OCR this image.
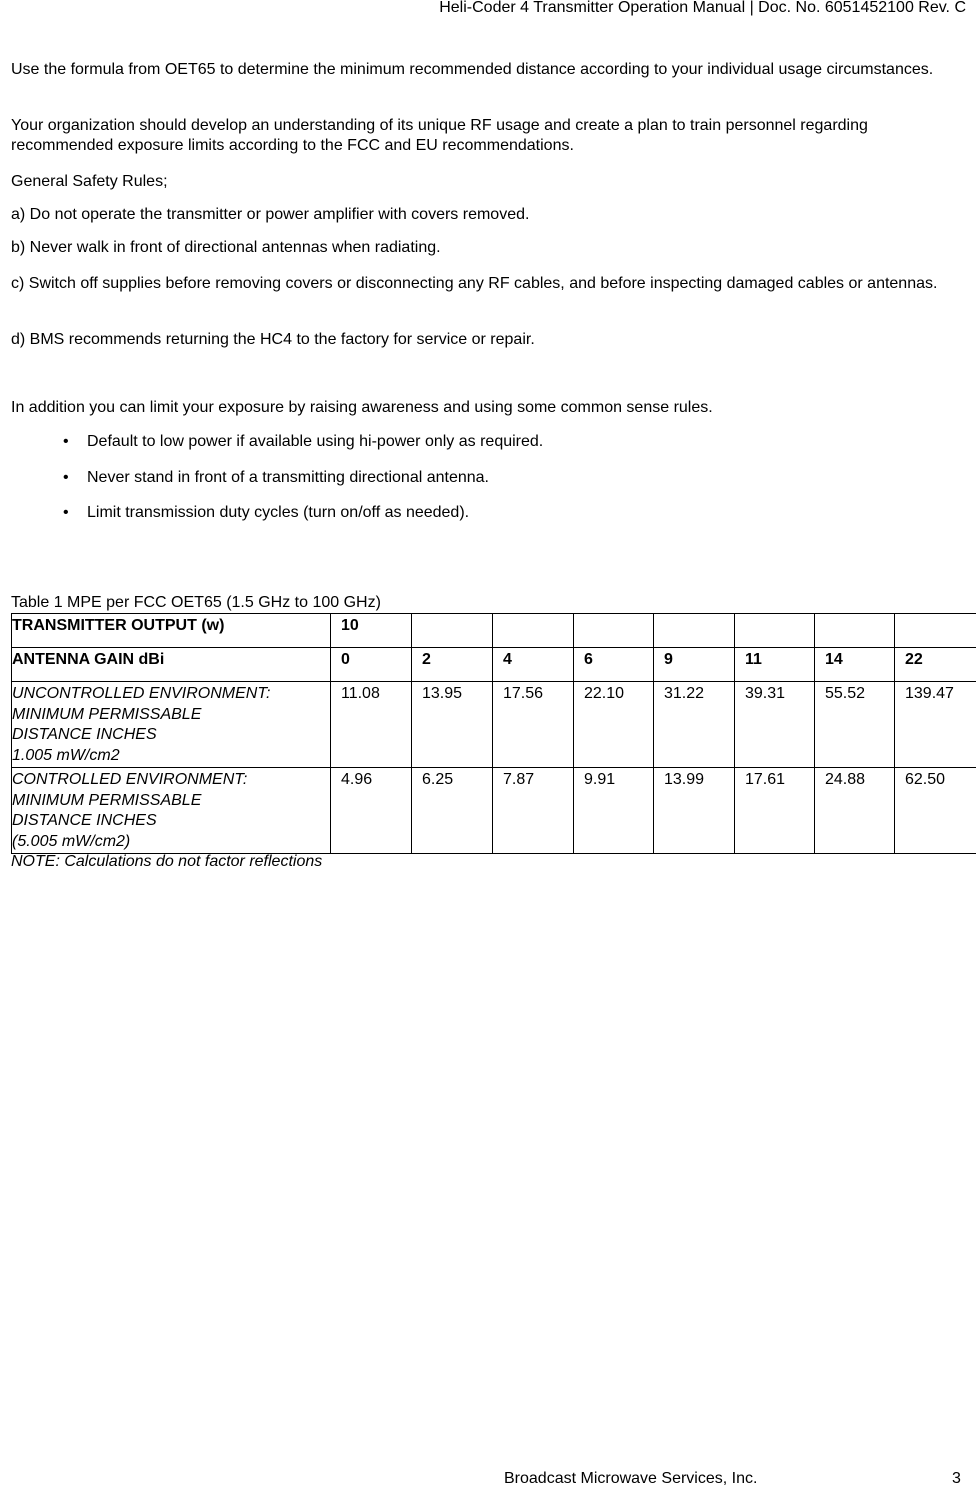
Heli-Coder 4 Transmitter Operation Manual | Doc. No. 6051452100 Rev. C

Use the formula from OET65 to determine the minimum recommended distance according to your individual usage circumstances.

Your organization should develop an understanding of its unique RF usage and create a plan to train personnel regarding recommended exposure limits according to the FCC and EU recommendations.

General Safety Rules;

a) Do not operate the transmitter or power amplifier with covers removed.

b) Never walk in front of directional antennas when radiating.

c) Switch off supplies before removing covers or disconnecting any RF cables, and before inspecting damaged cables or antennas.

d) BMS recommends returning the HC4 to the factory for service or repair.

In addition you can limit your exposure by raising awareness and using some common sense rules.

• Default to low power if available using hi-power only as required.
• Never stand in front of a transmitting directional antenna.
• Limit transmission duty cycles (turn on/off as needed).
Table 1 MPE per FCC OET65 (1.5 GHz to 100 GHz)
TRANSMITTER OUTPUT (w)	10							
ANTENNA GAIN dBi	0	2	4	6	9	11	14	22

UNCONTROLLED ENVIRONMENT:
MINIMUM PERMISSABLE
DISTANCE INCHES
1.005 mW/cm2	11.08	13.95	17.56	22.10	31.22	39.31	55.52	139.47

CONTROLLED ENVIRONMENT:
MINIMUM PERMISSABLE
DISTANCE INCHES
(5.005 mW/cm2)	4.96	6.25	7.87	9.91	13.99	17.61	24.88	62.50
NOTE: Calculations do not factor reflections
Broadcast Microwave Services, Inc.	3
